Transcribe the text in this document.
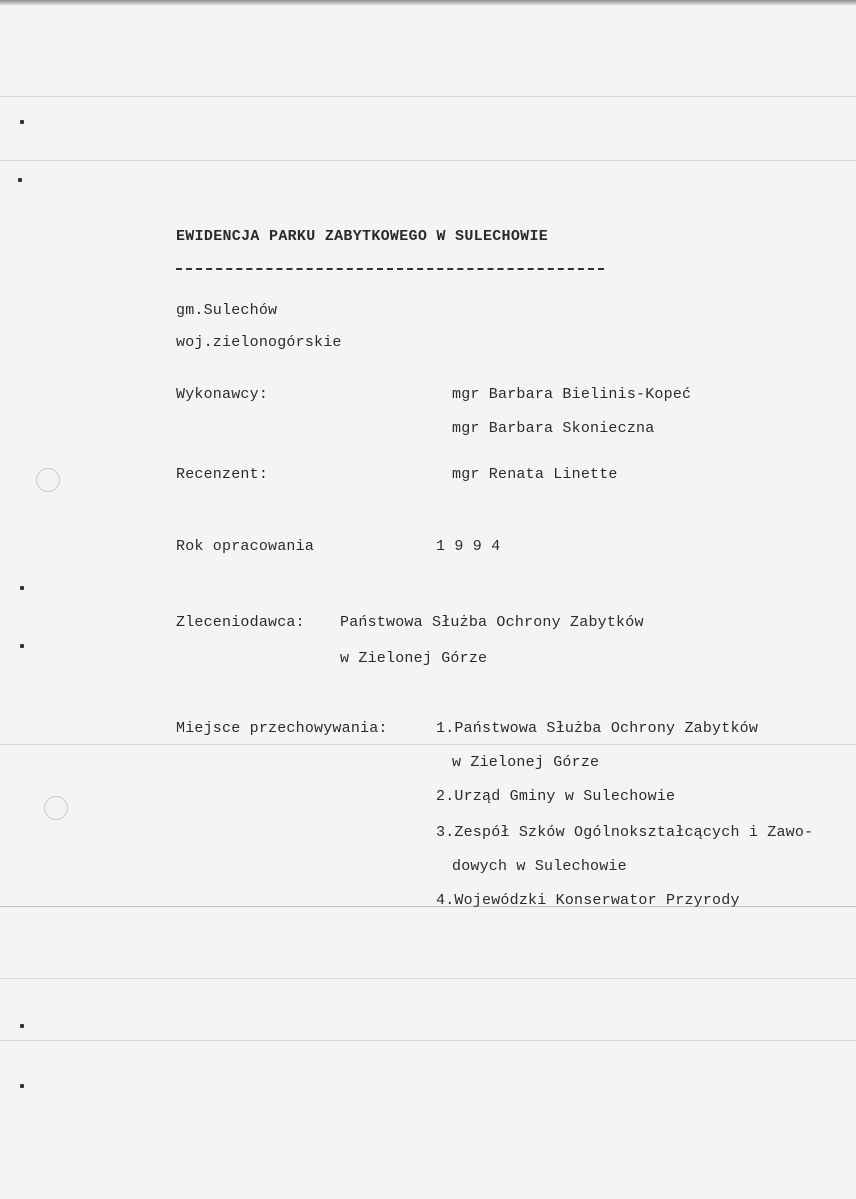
EWIDENCJA PARKU ZABYTKOWEGO W SULECHOWIE
gm.Sulechów
woj.zielonogórskie
Wykonawcy:	mgr Barbara Bielinis-Kopeć
mgr Barbara Skonieczna
Recenzent:	mgr Renata Linette
Rok opracowania	1 9 9 4
Zleceniodawca: Państwowa Służba Ochrony Zabytków
w Zielonej Górze
Miejsce przechowywania:	1.Państwowa Służba Ochrony Zabytków
w Zielonej Górze
2.Urząd Gminy w Sulechowie
3.Zespół Szków Ogólnokształcących i Zawo-
dowych w Sulechowie
4.Wojewódzki Konserwator Przyrody
